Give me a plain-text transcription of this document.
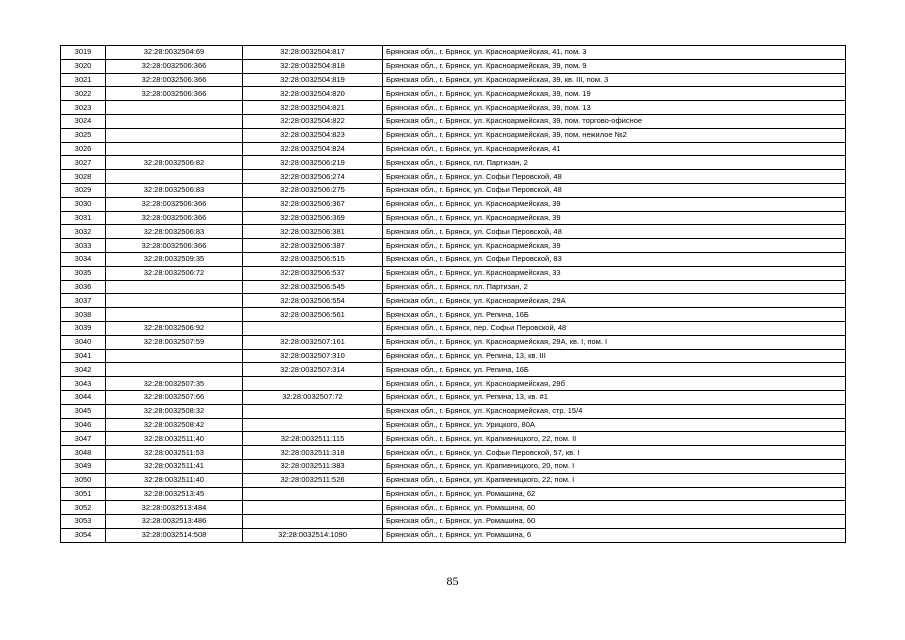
3019	32:28:0032504:69	32:28:0032504:817	Брянская обл., г. Брянск, ул. Красноармейская, 41, пом. 3
3020	32:28:0032506:366	32:28:0032504:818	Брянская обл., г. Брянск, ул. Красноармейская, 39, пом. 9
3021	32:28:0032506:366	32:28:0032504:819	Брянская обл., г. Брянск, ул. Красноармейская, 39, кв. III, пом. 3
3022	32:28:0032506:366	32:28:0032504:820	Брянская обл., г. Брянск, ул. Красноармейская, 39, пом. 19
3023		32:28:0032504:821	Брянская обл., г. Брянск, ул. Красноармейская, 39, пом. 13
3024		32:28:0032504:822	Брянская обл., г. Брянск, ул. Красноармейская, 39, пом. торгово-офисное
3025		32:28:0032504:823	Брянская обл., г. Брянск, ул. Красноармейская, 39, пом. нежилое №2
3026		32:28:0032504:824	Брянская обл., г. Брянск, ул. Красноармейская, 41
3027	32:28:0032506:82	32:28:0032506:219	Брянская обл., г. Брянск, пл. Партизан, 2
3028		32:28:0032506:274	Брянская обл., г. Брянск, ул. Софьи Перовской, 48
3029	32:28:0032506:83	32:28:0032506:275	Брянская обл., г. Брянск, ул. Софьи Перовской, 48
3030	32:28:0032506:366	32:28:0032506:367	Брянская обл., г. Брянск, ул. Красноармейская, 39
3031	32:28:0032506:366	32:28:0032506:369	Брянская обл., г. Брянск, ул. Красноармейская, 39
3032	32:28:0032506:83	32:28:0032506:381	Брянская обл., г. Брянск, ул. Софьи Перовской, 48
3033	32:28:0032506:366	32:28:0032506:387	Брянская обл., г. Брянск, ул. Красноармейская, 39
3034	32:28:0032509:35	32:28:0032506:515	Брянская обл., г. Брянск, ул. Софьи Перовской, 83
3035	32:28:0032506:72	32:28:0032506:537	Брянская обл., г. Брянск, ул. Красноармейская, 33
3036		32:28:0032506:545	Брянская обл., г. Брянск, пл. Партизан, 2
3037		32:28:0032506:554	Брянская обл., г. Брянск, ул. Красноармейская, 29А
3038		32:28:0032506:561	Брянская обл., г. Брянск, ул. Репина, 16Б
3039	32:28:0032506:92		Брянская обл., г. Брянск, пер. Софьи Перовской, 48
3040	32:28:0032507:59	32:28:0032507:161	Брянская обл., г. Брянск, ул. Красноармейская, 29А, кв. I, пом. I
3041		32:28:0032507:310	Брянская обл., г. Брянск, ул. Репина, 13, кв. III
3042		32:28:0032507:314	Брянская обл., г. Брянск, ул. Репина, 16Б
3043	32:28:0032507:35		Брянская обл., г. Брянск, ул. Красноармейская, 29б
3044	32:28:0032507:66	32:28:0032507:72	Брянская обл., г. Брянск, ул. Репина, 13, кв. #1
3045	32:28:0032508:32		Брянская обл., г. Брянск, ул. Красноармейская, стр. 15/4
3046	32:28:0032508:42		Брянская обл., г. Брянск, ул. Урицкого, 80А
3047	32:28:0032511:40	32:28:0032511:115	Брянская обл., г. Брянск, ул. Крапивницкого, 22, пом. II
3048	32:28:0032511:53	32:28:0032511:318	Брянская обл., г. Брянск, ул. Софьи Перовской, 57, кв. I
3049	32:28:0032511:41	32:28:0032511:383	Брянская обл., г. Брянск, ул. Крапивницкого, 20, пом. I
3050	32:28:0032511:40	32:28:0032511:526	Брянская обл., г. Брянск, ул. Крапивницкого, 22, пом. I
3051	32:28:0032513:45		Брянская обл., г. Брянск, ул. Ромашина, 62
3052	32:28:0032513:484		Брянская обл., г. Брянск, ул. Ромашина, 60
3053	32:28:0032513:486		Брянская обл., г. Брянск, ул. Ромашина, 60
3054	32:28:0032514:508	32:28:0032514:1090	Брянская обл., г. Брянск, ул. Ромашина, 6
85
